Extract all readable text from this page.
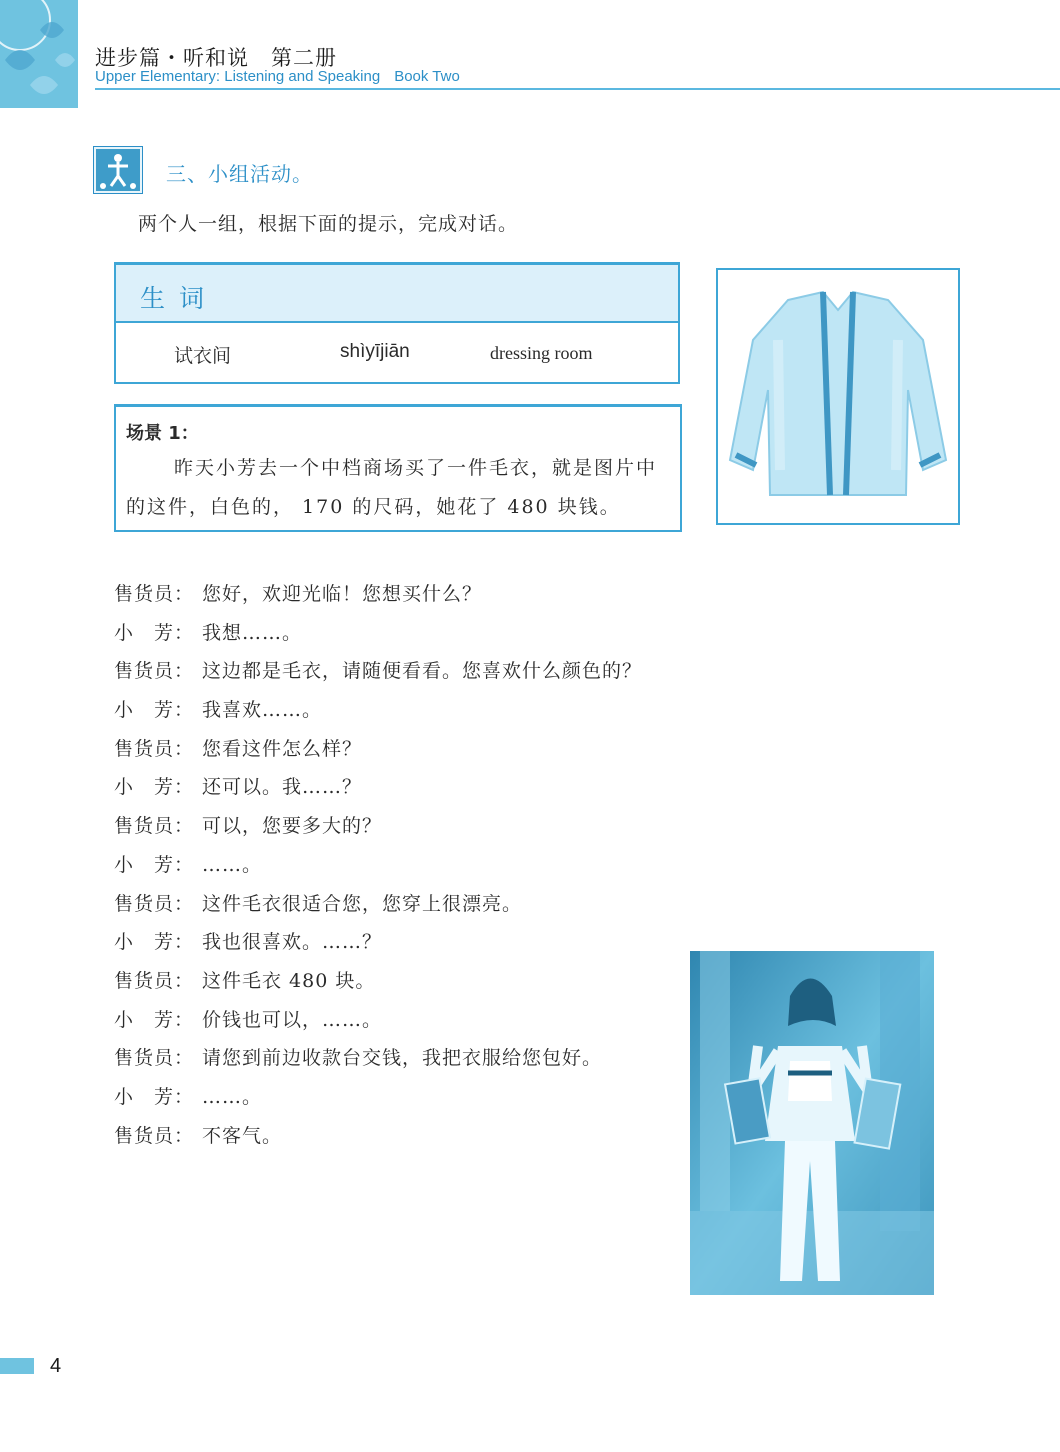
进步篇・听和说　第二册
Upper Elementary: Listening and Speaking Book Two
三、小组活动。
两个人一组，根据下面的提示，完成对话。
生词
试衣间	shìyījiān	dressing room
场景 1：
昨天小芳去一个中档商场买了一件毛衣，就是图片中的这件，白色的， 170 的尺码，她花了 480 块钱。
售货员： 您好，欢迎光临！您想买什么？
小　芳： 我想……。
售货员： 这边都是毛衣，请随便看看。您喜欢什么颜色的？
小　芳： 我喜欢……。
售货员： 您看这件怎么样？
小　芳： 还可以。我……？
售货员： 可以，您要多大的？
小　芳： ……。
售货员： 这件毛衣很适合您，您穿上很漂亮。
小　芳： 我也很喜欢。……？
售货员： 这件毛衣 480 块。
小　芳： 价钱也可以，……。
售货员： 请您到前边收款台交钱，我把衣服给您包好。
小　芳： ……。
售货员： 不客气。
4
